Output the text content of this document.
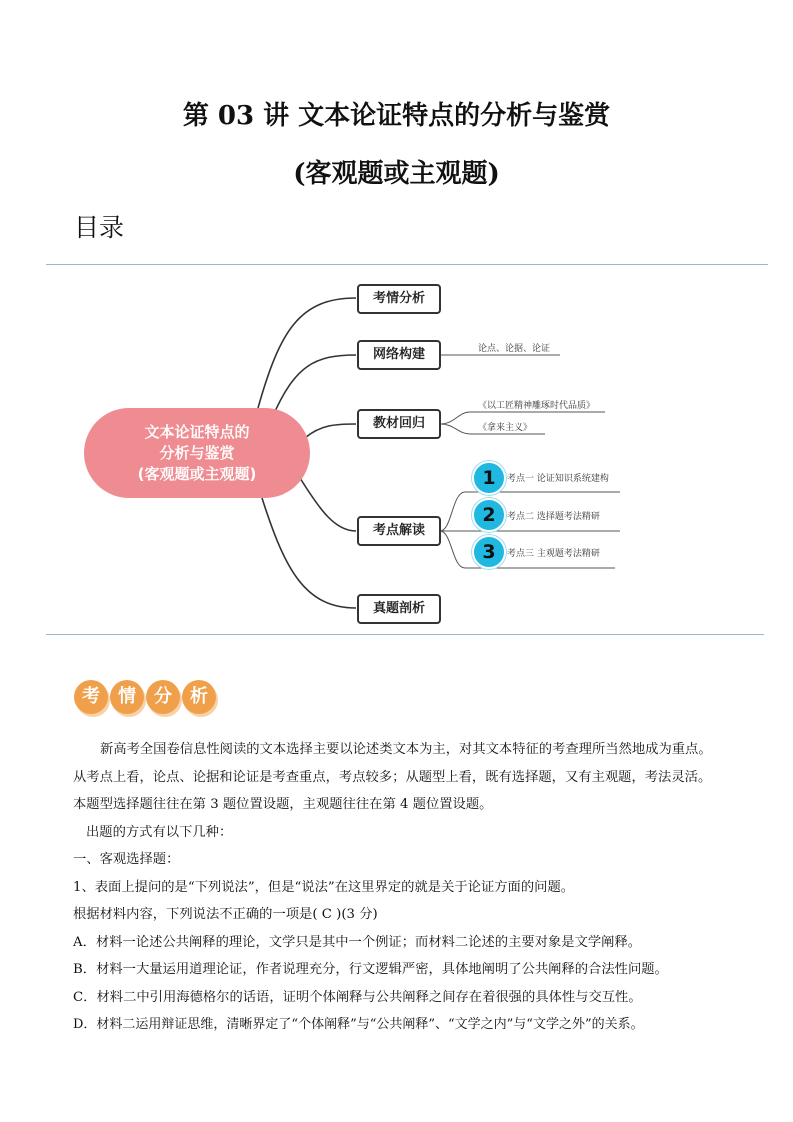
第 03 讲 文本论证特点的分析与鉴赏
(客观题或主观题)
目录
文本论证特点的
分析与鉴赏
(客观题或主观题)
考情分析
网络构建
教材回归
考点解读
真题剖析
论点、论据、论证
《以工匠精神雕琢时代品质》
《拿来主义》
1	考点一 论证知识系统建构
2	考点二 选择题考法精研
3	考点三 主观题考法精研
考	情	分	析

新高考全国卷信息性阅读的文本选择主要以论述类文本为主，对其文本特征的考查理所当然地成为重点。从考点上看，论点、论据和论证是考查重点，考点较多；从题型上看，既有选择题，又有主观题，考法灵活。本题型选择题往往在第 3 题位置设题，主观题往往在第 4 题位置设题。

出题的方式有以下几种：

一、客观选择题：

1、表面上提问的是“下列说法”，但是“说法”在这里界定的就是关于论证方面的问题。

根据材料内容，下列说法不正确的一项是( C )(3 分)

A．材料一论述公共阐释的理论，文学只是其中一个例证；而材料二论述的主要对象是文学阐释。

B．材料一大量运用道理论证，作者说理充分，行文逻辑严密，具体地阐明了公共阐释的合法性问题。

C．材料二中引用海德格尔的话语，证明个体阐释与公共阐释之间存在着很强的具体性与交互性。

D．材料二运用辩证思维，清晰界定了“个体阐释”与“公共阐释”、“文学之内”与“文学之外”的关系。
